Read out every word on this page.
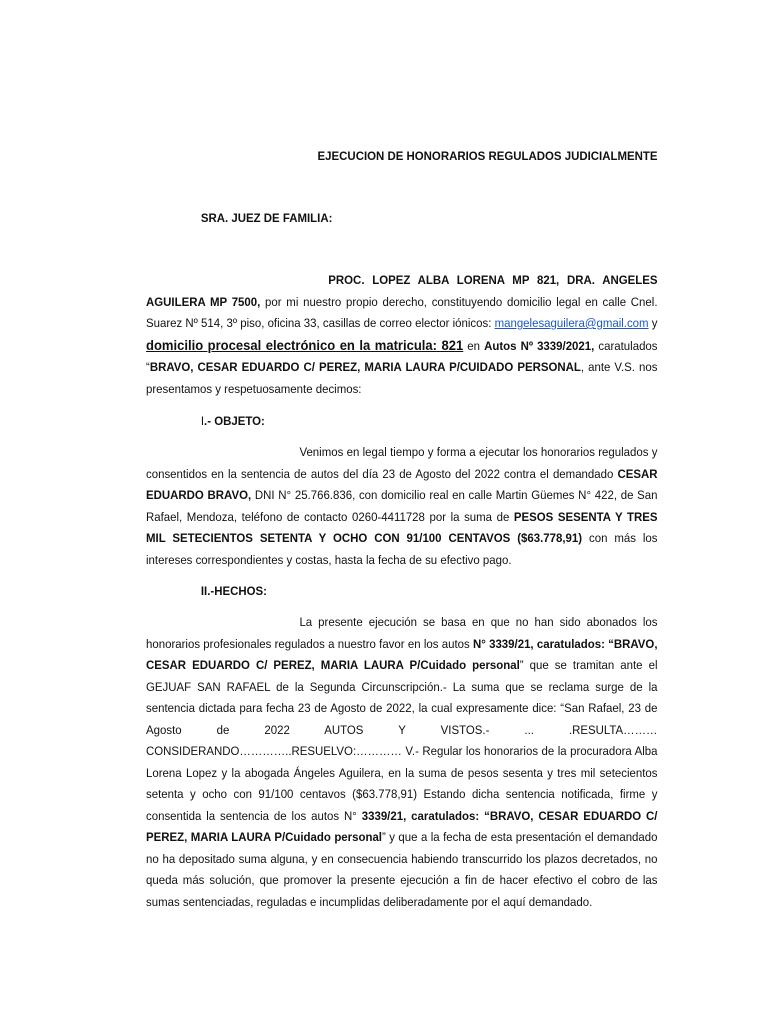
EJECUCION DE HONORARIOS REGULADOS JUDICIALMENTE

SRA. JUEZ DE FAMILIA:

PROC. LOPEZ ALBA LORENA MP 821, DRA. ANGELES AGUILERA MP 7500, por mi nuestro propio derecho, constituyendo domicilio legal en calle Cnel. Suarez Nº 514, 3º piso, oficina 33, casillas de correo elector iónicos: mangelesaguilera@gmail.com y domicilio procesal electrónico en la matricula: 821 en Autos Nº 3339/2021, caratulados “BRAVO, CESAR EDUARDO C/ PEREZ, MARIA LAURA P/CUIDADO PERSONAL, ante V.S. nos presentamos y respetuosamente decimos:

I.- OBJETO:

Venimos en legal tiempo y forma a ejecutar los honorarios regulados y consentidos en la sentencia de autos del día 23 de Agosto del 2022 contra el demandado CESAR EDUARDO BRAVO, DNI N° 25.766.836, con domicilio real en calle Martin Güemes N° 422, de San Rafael, Mendoza, teléfono de contacto 0260-4411728 por la suma de PESOS SESENTA Y TRES MIL SETECIENTOS SETENTA Y OCHO CON 91/100 CENTAVOS ($63.778,91) con más los intereses correspondientes y costas, hasta la fecha de su efectivo pago.

II.-HECHOS:

La presente ejecución se basa en que no han sido abonados los honorarios profesionales regulados a nuestro favor en los autos N° 3339/21, caratulados: “BRAVO, CESAR EDUARDO C/ PEREZ, MARIA LAURA P/Cuidado personal” que se tramitan ante el GEJUAF SAN RAFAEL de la Segunda Circunscripción.- La suma que se reclama surge de la sentencia dictada para fecha 23 de Agosto de 2022, la cual expresamente dice: “San Rafael, 23 de Agosto de 2022 AUTOS Y VISTOS.- ... .RESULTA……… CONSIDERANDO…………..RESUELVO:………… V.- Regular los honorarios de la procuradora Alba Lorena Lopez y la abogada Ángeles Aguilera, en la suma de pesos sesenta y tres mil setecientos setenta y ocho con 91/100 centavos ($63.778,91) Estando dicha sentencia notificada, firme y consentida la sentencia de los autos N° 3339/21, caratulados: “BRAVO, CESAR EDUARDO C/ PEREZ, MARIA LAURA P/Cuidado personal” y que a la fecha de esta presentación el demandado no ha depositado suma alguna, y en consecuencia habiendo transcurrido los plazos decretados, no queda más solución, que promover la presente ejecución a fin de hacer efectivo el cobro de las sumas sentenciadas, reguladas e incumplidas deliberadamente por el aquí demandado.
